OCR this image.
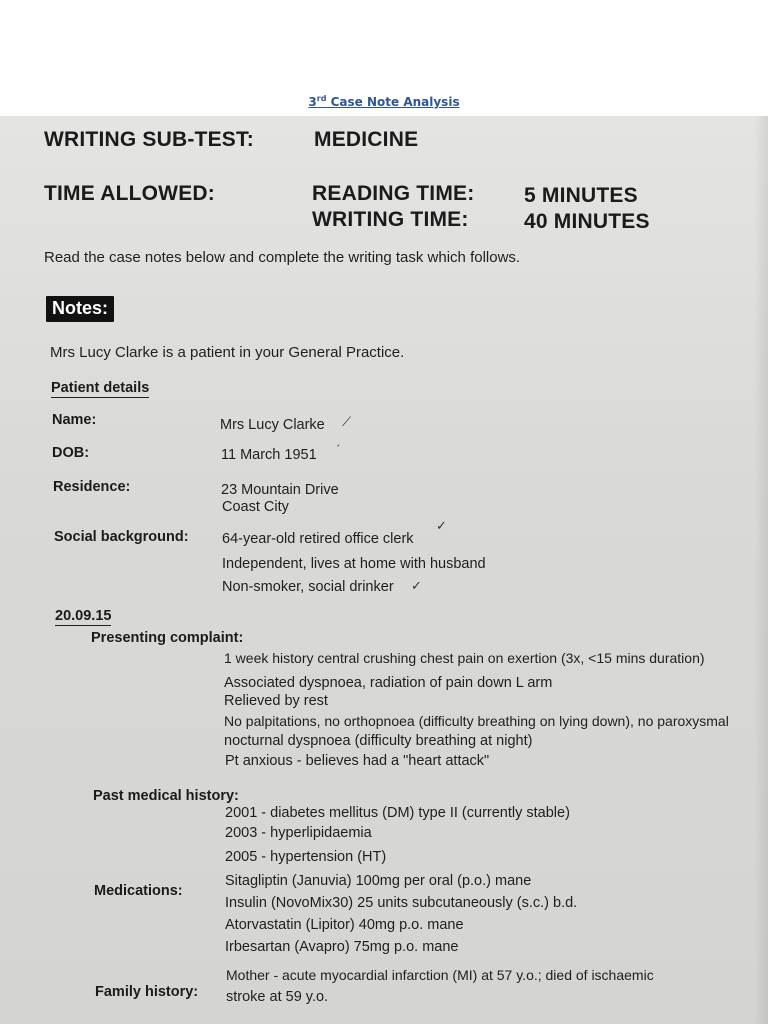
3rd Case Note Analysis
WRITING SUB-TEST:	MEDICINE
TIME ALLOWED:	READING TIME: 5 MINUTES
WRITING TIME:	40 MINUTES
Read the case notes below and complete the writing task which follows.
Notes:
Mrs Lucy Clarke is a patient in your General Practice.
Patient details
Name:	Mrs Lucy Clarke ⟋
DOB:	11 March 1951 ˊ
Residence:	23 Mountain Drive
Coast City
Social background: 64-year-old retired office clerk
✓
Independent, lives at home with husband
Non-smoker, social drinker ✓
20.09.15
Presenting complaint:
1 week history central crushing chest pain on exertion (3x, <15 mins duration)
Associated dyspnoea, radiation of pain down L arm
Relieved by rest
No palpitations, no orthopnoea (difficulty breathing on lying down), no paroxysmal
nocturnal dyspnoea (difficulty breathing at night)
Pt anxious - believes had a "heart attack"
Past medical history:
2001 - diabetes mellitus (DM) type II (currently stable)
2003 - hyperlipidaemia
2005 - hypertension (HT)
Medications:
Sitagliptin (Januvia) 100mg per oral (p.o.) mane
Insulin (NovoMix30) 25 units subcutaneously (s.c.) b.d.
Atorvastatin (Lipitor) 40mg p.o. mane
Irbesartan (Avapro) 75mg p.o. mane
Family history:
Mother - acute myocardial infarction (MI) at 57 y.o.; died of ischaemic
stroke at 59 y.o.
